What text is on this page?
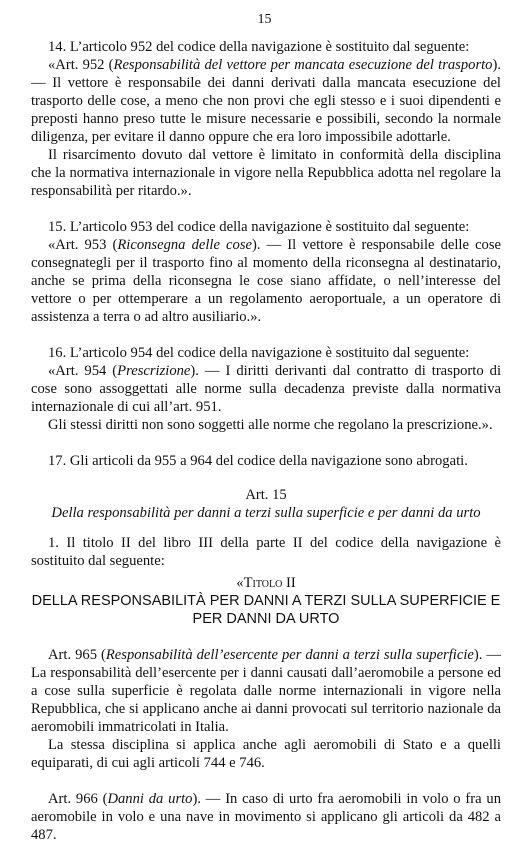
15

14. L’articolo 952 del codice della navigazione è sostituito dal seguente:

«Art. 952 (Responsabilità del vettore per mancata esecuzione del trasporto). — Il vettore è responsabile dei danni derivati dalla mancata esecuzione del trasporto delle cose, a meno che non provi che egli stesso e i suoi dipendenti e preposti hanno preso tutte le misure necessarie e possibili, secondo la normale diligenza, per evitare il danno oppure che era loro impossibile adottarle.

Il risarcimento dovuto dal vettore è limitato in conformità della disciplina che la normativa internazionale in vigore nella Repubblica adotta nel regolare la responsabilità per ritardo.».

15. L’articolo 953 del codice della navigazione è sostituito dal seguente:

«Art. 953 (Riconsegna delle cose). — Il vettore è responsabile delle cose consegnategli per il trasporto fino al momento della riconsegna al destinatario, anche se prima della riconsegna le cose siano affidate, o nell’interesse del vettore o per ottemperare a un regolamento aeroportuale, a un operatore di assistenza a terra o ad altro ausiliario.».

16. L’articolo 954 del codice della navigazione è sostituito dal seguente:

«Art. 954 (Prescrizione). — I diritti derivanti dal contratto di trasporto di cose sono assoggettati alle norme sulla decadenza previste dalla normativa internazionale di cui all’art. 951.

Gli stessi diritti non sono soggetti alle norme che regolano la prescrizione.».

17. Gli articoli da 955 a 964 del codice della navigazione sono abrogati.

Art. 15
Della responsabilità per danni a terzi sulla superficie e per danni da urto

1. Il titolo II del libro III della parte II del codice della navigazione è sostituito dal seguente:

«Titolo II
DELLA RESPONSABILITÀ PER DANNI A TERZI SULLA SUPERFICIE E PER DANNI DA URTO

Art. 965 (Responsabilità dell’esercente per danni a terzi sulla superficie). — La responsabilità dell’esercente per i danni causati dall’aeromobile a persone ed a cose sulla superficie è regolata dalle norme internazionali in vigore nella Repubblica, che si applicano anche ai danni provocati sul territorio nazionale da aeromobili immatricolati in Italia.

La stessa disciplina si applica anche agli aeromobili di Stato e a quelli equiparati, di cui agli articoli 744 e 746.

Art. 966 (Danni da urto). — In caso di urto fra aeromobili in volo o fra un aeromobile in volo e una nave in movimento si applicano gli articoli da 482 a 487.
